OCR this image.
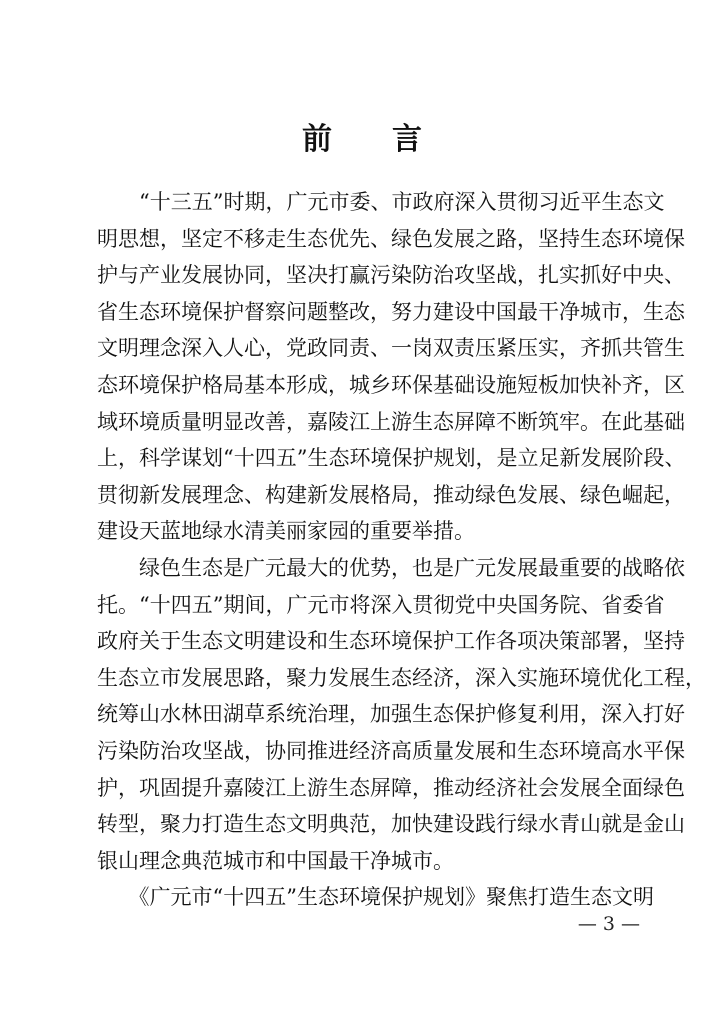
前　　言
　　“十三五”时期，广元市委、市政府深入贯彻习近平生态文
明思想，坚定不移走生态优先、绿色发展之路，坚持生态环境保
护与产业发展协同，坚决打赢污染防治攻坚战，扎实抓好中央、
省生态环境保护督察问题整改，努力建设中国最干净城市，生态
文明理念深入人心，党政同责、一岗双责压紧压实，齐抓共管生
态环境保护格局基本形成，城乡环保基础设施短板加快补齐，区
域环境质量明显改善，嘉陵江上游生态屏障不断筑牢。在此基础
上，科学谋划“十四五”生态环境保护规划，是立足新发展阶段、
贯彻新发展理念、构建新发展格局，推动绿色发展、绿色崛起，
建设天蓝地绿水清美丽家园的重要举措。
　　绿色生态是广元最大的优势，也是广元发展最重要的战略依
托。“十四五”期间，广元市将深入贯彻党中央国务院、省委省
政府关于生态文明建设和生态环境保护工作各项决策部署，坚持
生态立市发展思路，聚力发展生态经济，深入实施环境优化工程，
统筹山水林田湖草系统治理，加强生态保护修复利用，深入打好
污染防治攻坚战，协同推进经济高质量发展和生态环境高水平保
护，巩固提升嘉陵江上游生态屏障，推动经济社会发展全面绿色
转型，聚力打造生态文明典范，加快建设践行绿水青山就是金山
银山理念典范城市和中国最干净城市。
　　《广元市“十四五”生态环境保护规划》聚焦打造生态文明
— 3 —
